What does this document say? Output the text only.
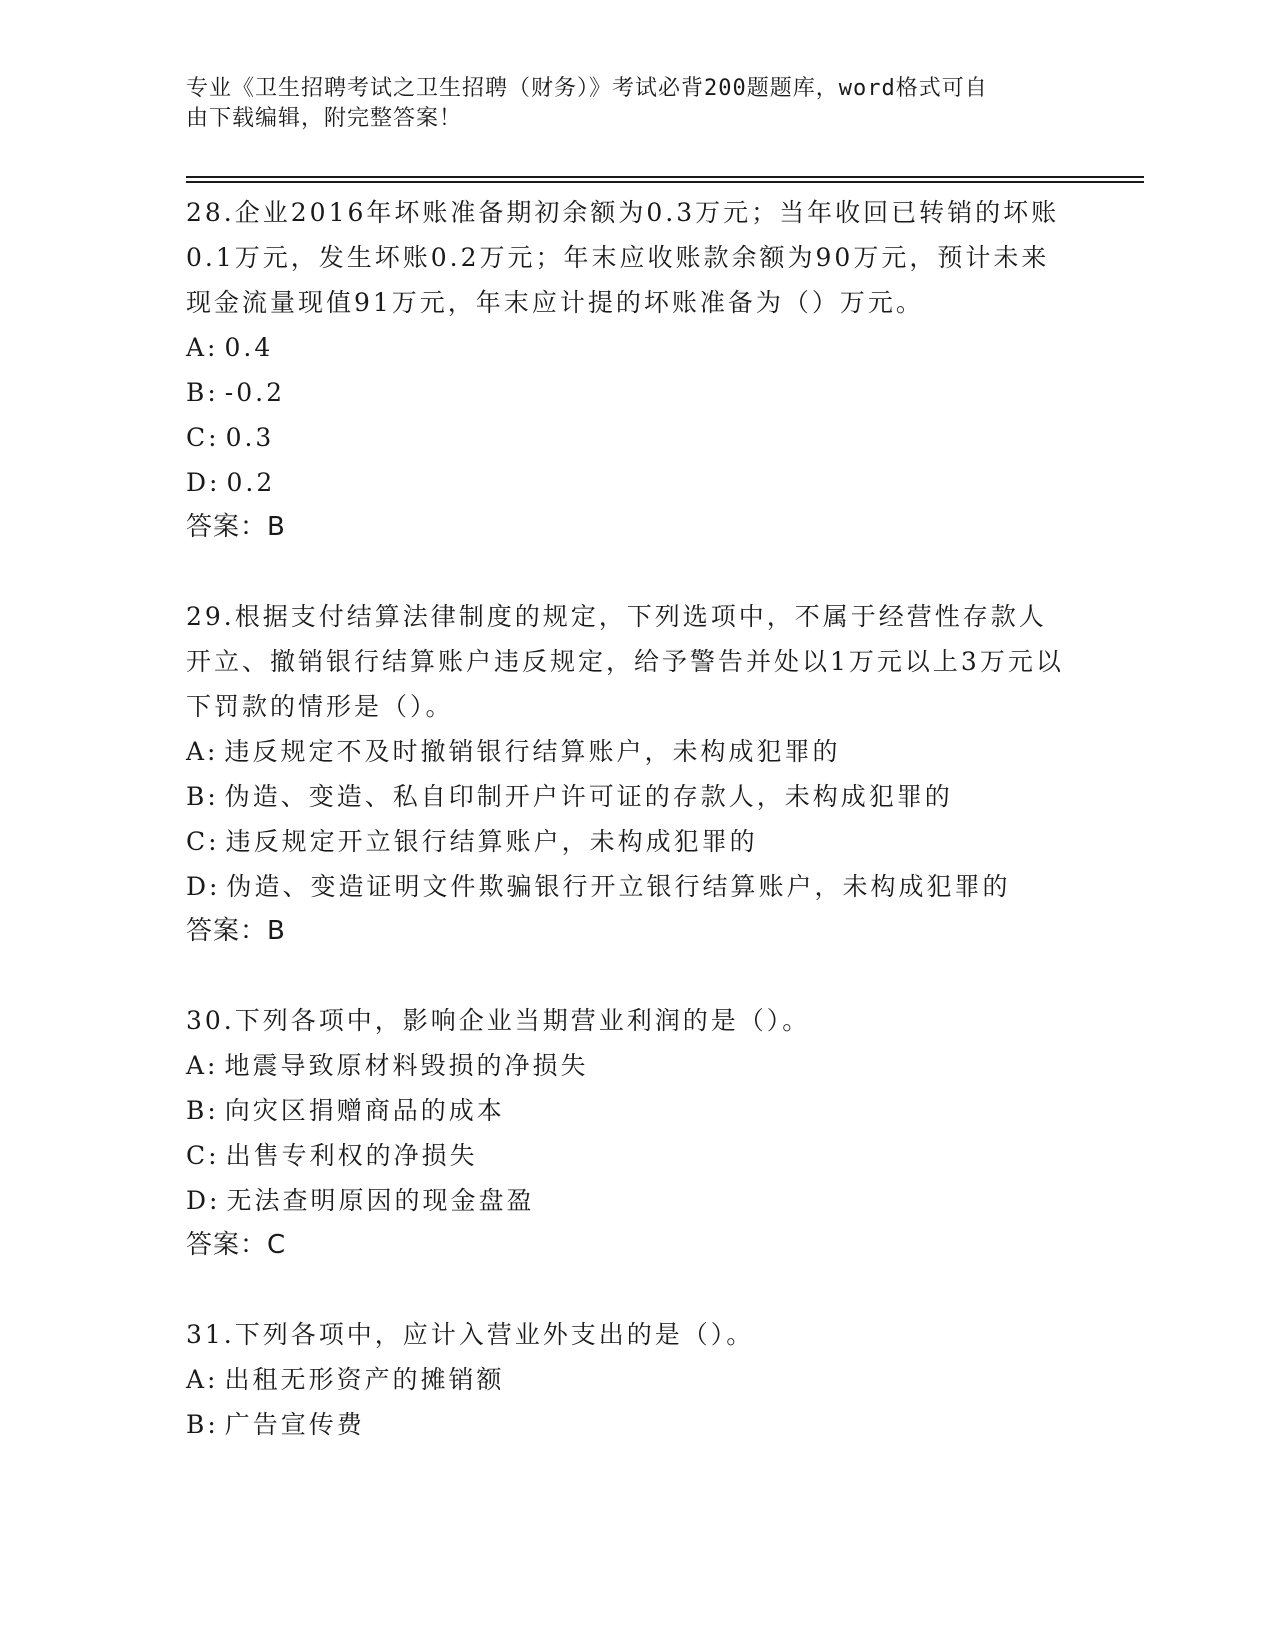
专业《卫生招聘考试之卫生招聘（财务）》考试必背200题题库，word格式可自
由下载编辑，附完整答案！

28.企业2016年坏账准备期初余额为0.3万元；当年收回已转销的坏账0.1万元，发生坏账0.2万元；年末应收账款余额为90万元，预计未来现金流量现值91万元，年末应计提的坏账准备为（）万元。

A: 0.4
B: -0.2
C: 0.3
D: 0.2

答案：B

29.根据支付结算法律制度的规定，下列选项中，不属于经营性存款人开立、撤销银行结算账户违反规定，给予警告并处以1万元以上3万元以下罚款的情形是（）。

A: 违反规定不及时撤销银行结算账户，未构成犯罪的
B: 伪造、变造、私自印制开户许可证的存款人，未构成犯罪的
C: 违反规定开立银行结算账户，未构成犯罪的
D: 伪造、变造证明文件欺骗银行开立银行结算账户，未构成犯罪的

答案：B

30.下列各项中，影响企业当期营业利润的是（）。

A: 地震导致原材料毁损的净损失
B: 向灾区捐赠商品的成本
C: 出售专利权的净损失
D: 无法查明原因的现金盘盈

答案：C

31.下列各项中，应计入营业外支出的是（）。

A: 出租无形资产的摊销额
B: 广告宣传费
